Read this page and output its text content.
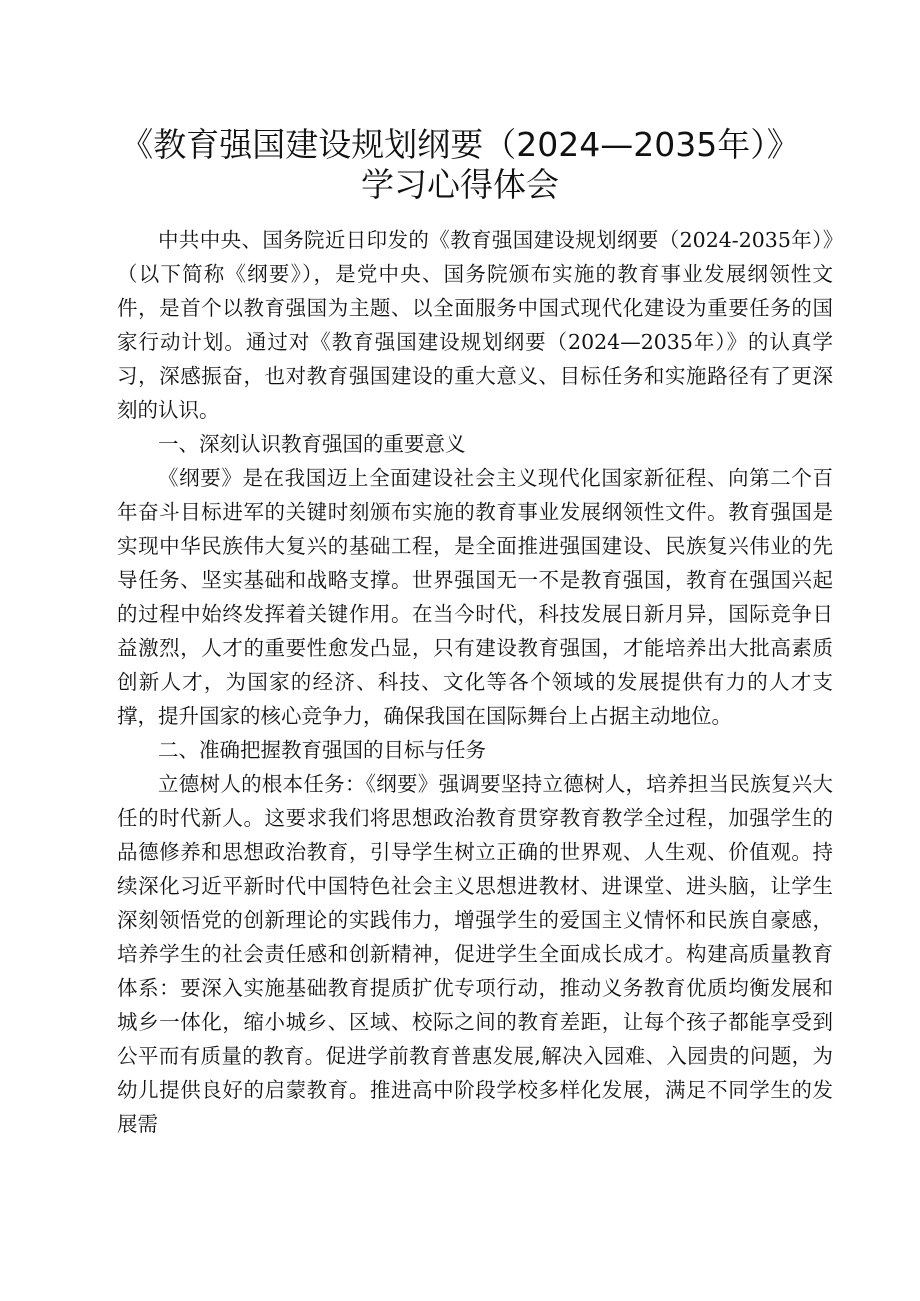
《教育强国建设规划纲要（2024—2035年）》
学习心得体会

中共中央、国务院近日印发的《教育强国建设规划纲要（2024-2035年）》（以下简称《纲要》），是党中央、国务院颁布实施的教育事业发展纲领性文件，是首个以教育强国为主题、以全面服务中国式现代化建设为重要任务的国家行动计划。通过对《教育强国建设规划纲要（2024—2035年）》的认真学习，深感振奋，也对教育强国建设的重大意义、目标任务和实施路径有了更深刻的认识。

一、深刻认识教育强国的重要意义

《纲要》是在我国迈上全面建设社会主义现代化国家新征程、向第二个百年奋斗目标进军的关键时刻颁布实施的教育事业发展纲领性文件。教育强国是实现中华民族伟大复兴的基础工程，是全面推进强国建设、民族复兴伟业的先导任务、坚实基础和战略支撑。世界强国无一不是教育强国，教育在强国兴起的过程中始终发挥着关键作用。在当今时代，科技发展日新月异，国际竞争日益激烈，人才的重要性愈发凸显，只有建设教育强国，才能培养出大批高素质创新人才，为国家的经济、科技、文化等各个领域的发展提供有力的人才支撑，提升国家的核心竞争力，确保我国在国际舞台上占据主动地位。

二、准确把握教育强国的目标与任务

立德树人的根本任务：《纲要》强调要坚持立德树人，培养担当民族复兴大任的时代新人。这要求我们将思想政治教育贯穿教育教学全过程，加强学生的品德修养和思想政治教育，引导学生树立正确的世界观、人生观、价值观。持续深化习近平新时代中国特色社会主义思想进教材、进课堂、进头脑，让学生深刻领悟党的创新理论的实践伟力，增强学生的爱国主义情怀和民族自豪感，培养学生的社会责任感和创新精神，促进学生全面成长成才。构建高质量教育体系：要深入实施基础教育提质扩优专项行动，推动义务教育优质均衡发展和城乡一体化，缩小城乡、区域、校际之间的教育差距，让每个孩子都能享受到公平而有质量的教育。促进学前教育普惠发展,解决入园难、入园贵的问题，为幼儿提供良好的启蒙教育。推进高中阶段学校多样化发展，满足不同学生的发展需
